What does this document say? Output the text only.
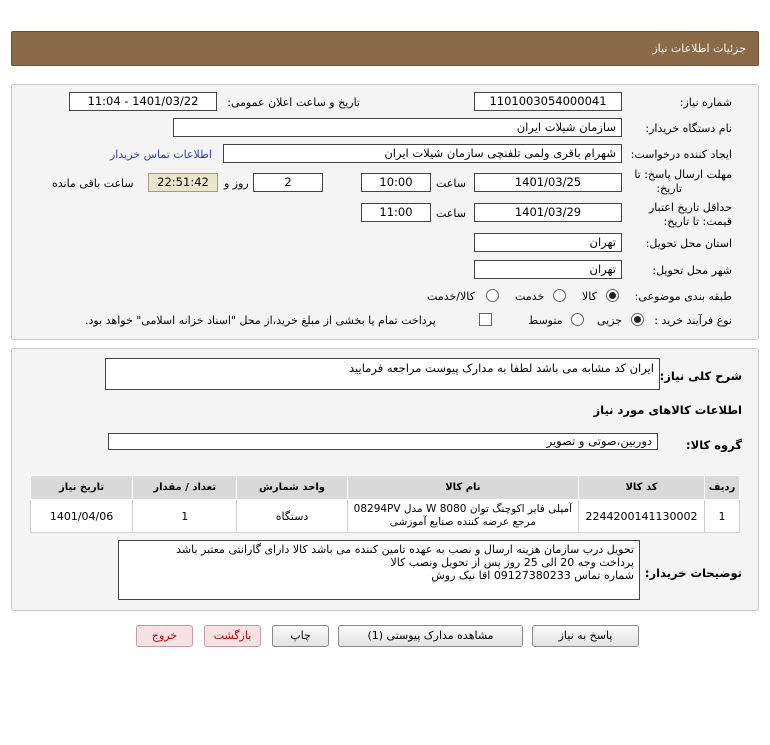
جزئیات اطلاعات نیاز
شماره نیاز:
1101003054000041
تاریخ و ساعت اعلان عمومی:
1401/03/22 - 11:04
نام دستگاه خریدار:
سازمان شیلات ایران
ایجاد کننده درخواست:
شهرام باقری ولمی تلفنچی سازمان شیلات ایران
اطلاعات تماس خریدار
مهلت ارسال پاسخ: تا
تاریخ:
1401/03/25
ساعت
10:00
2
روز و
22:51:42
ساعت باقی مانده
حداقل تاریخ اعتبار
قیمت: تا تاریخ:
1401/03/29
ساعت
11:00
استان محل تحویل:
تهران
شهر محل تحویل:
تهران
طبقه بندی موضوعی:
کالا
خدمت
کالا/خدمت
نوع فرآیند خرید :
جزیی
متوسط
پرداخت تمام یا بخشی از مبلغ خرید،از محل "اسناد خزانه اسلامی" خواهد بود.
شرح کلی نیاز:
ایران کد مشابه می باشد لطفا به مدارک پیوست مراجعه فرمایید
اطلاعات کالاهای مورد نیاز
گروه کالا:
دوربین،صوتی و تصویر
ردیف	کد کالا	نام کالا	واحد شمارش	تعداد / مقدار	تاریخ نیاز
1	2244200141130002	آمپلی فایر اکوچنگ توان W 8080 مدل 08294PV مرجع عرضه کننده صنایع آموزشی	دستگاه	1	1401/04/06
توضیحات خریدار:
تحویل درب سازمان هزینه ارسال و نصب به عهده تامین کننده می باشد کالا دارای گارانتی معتبر باشد
پرداخت وجه 20 الی 25 روز پس از تحویل ونصب کالا
شماره تماس 09127380233 اقا نیک روش
پاسخ به نیاز
مشاهده مدارک پیوستی (1)
چاپ
بازگشت
خروج
